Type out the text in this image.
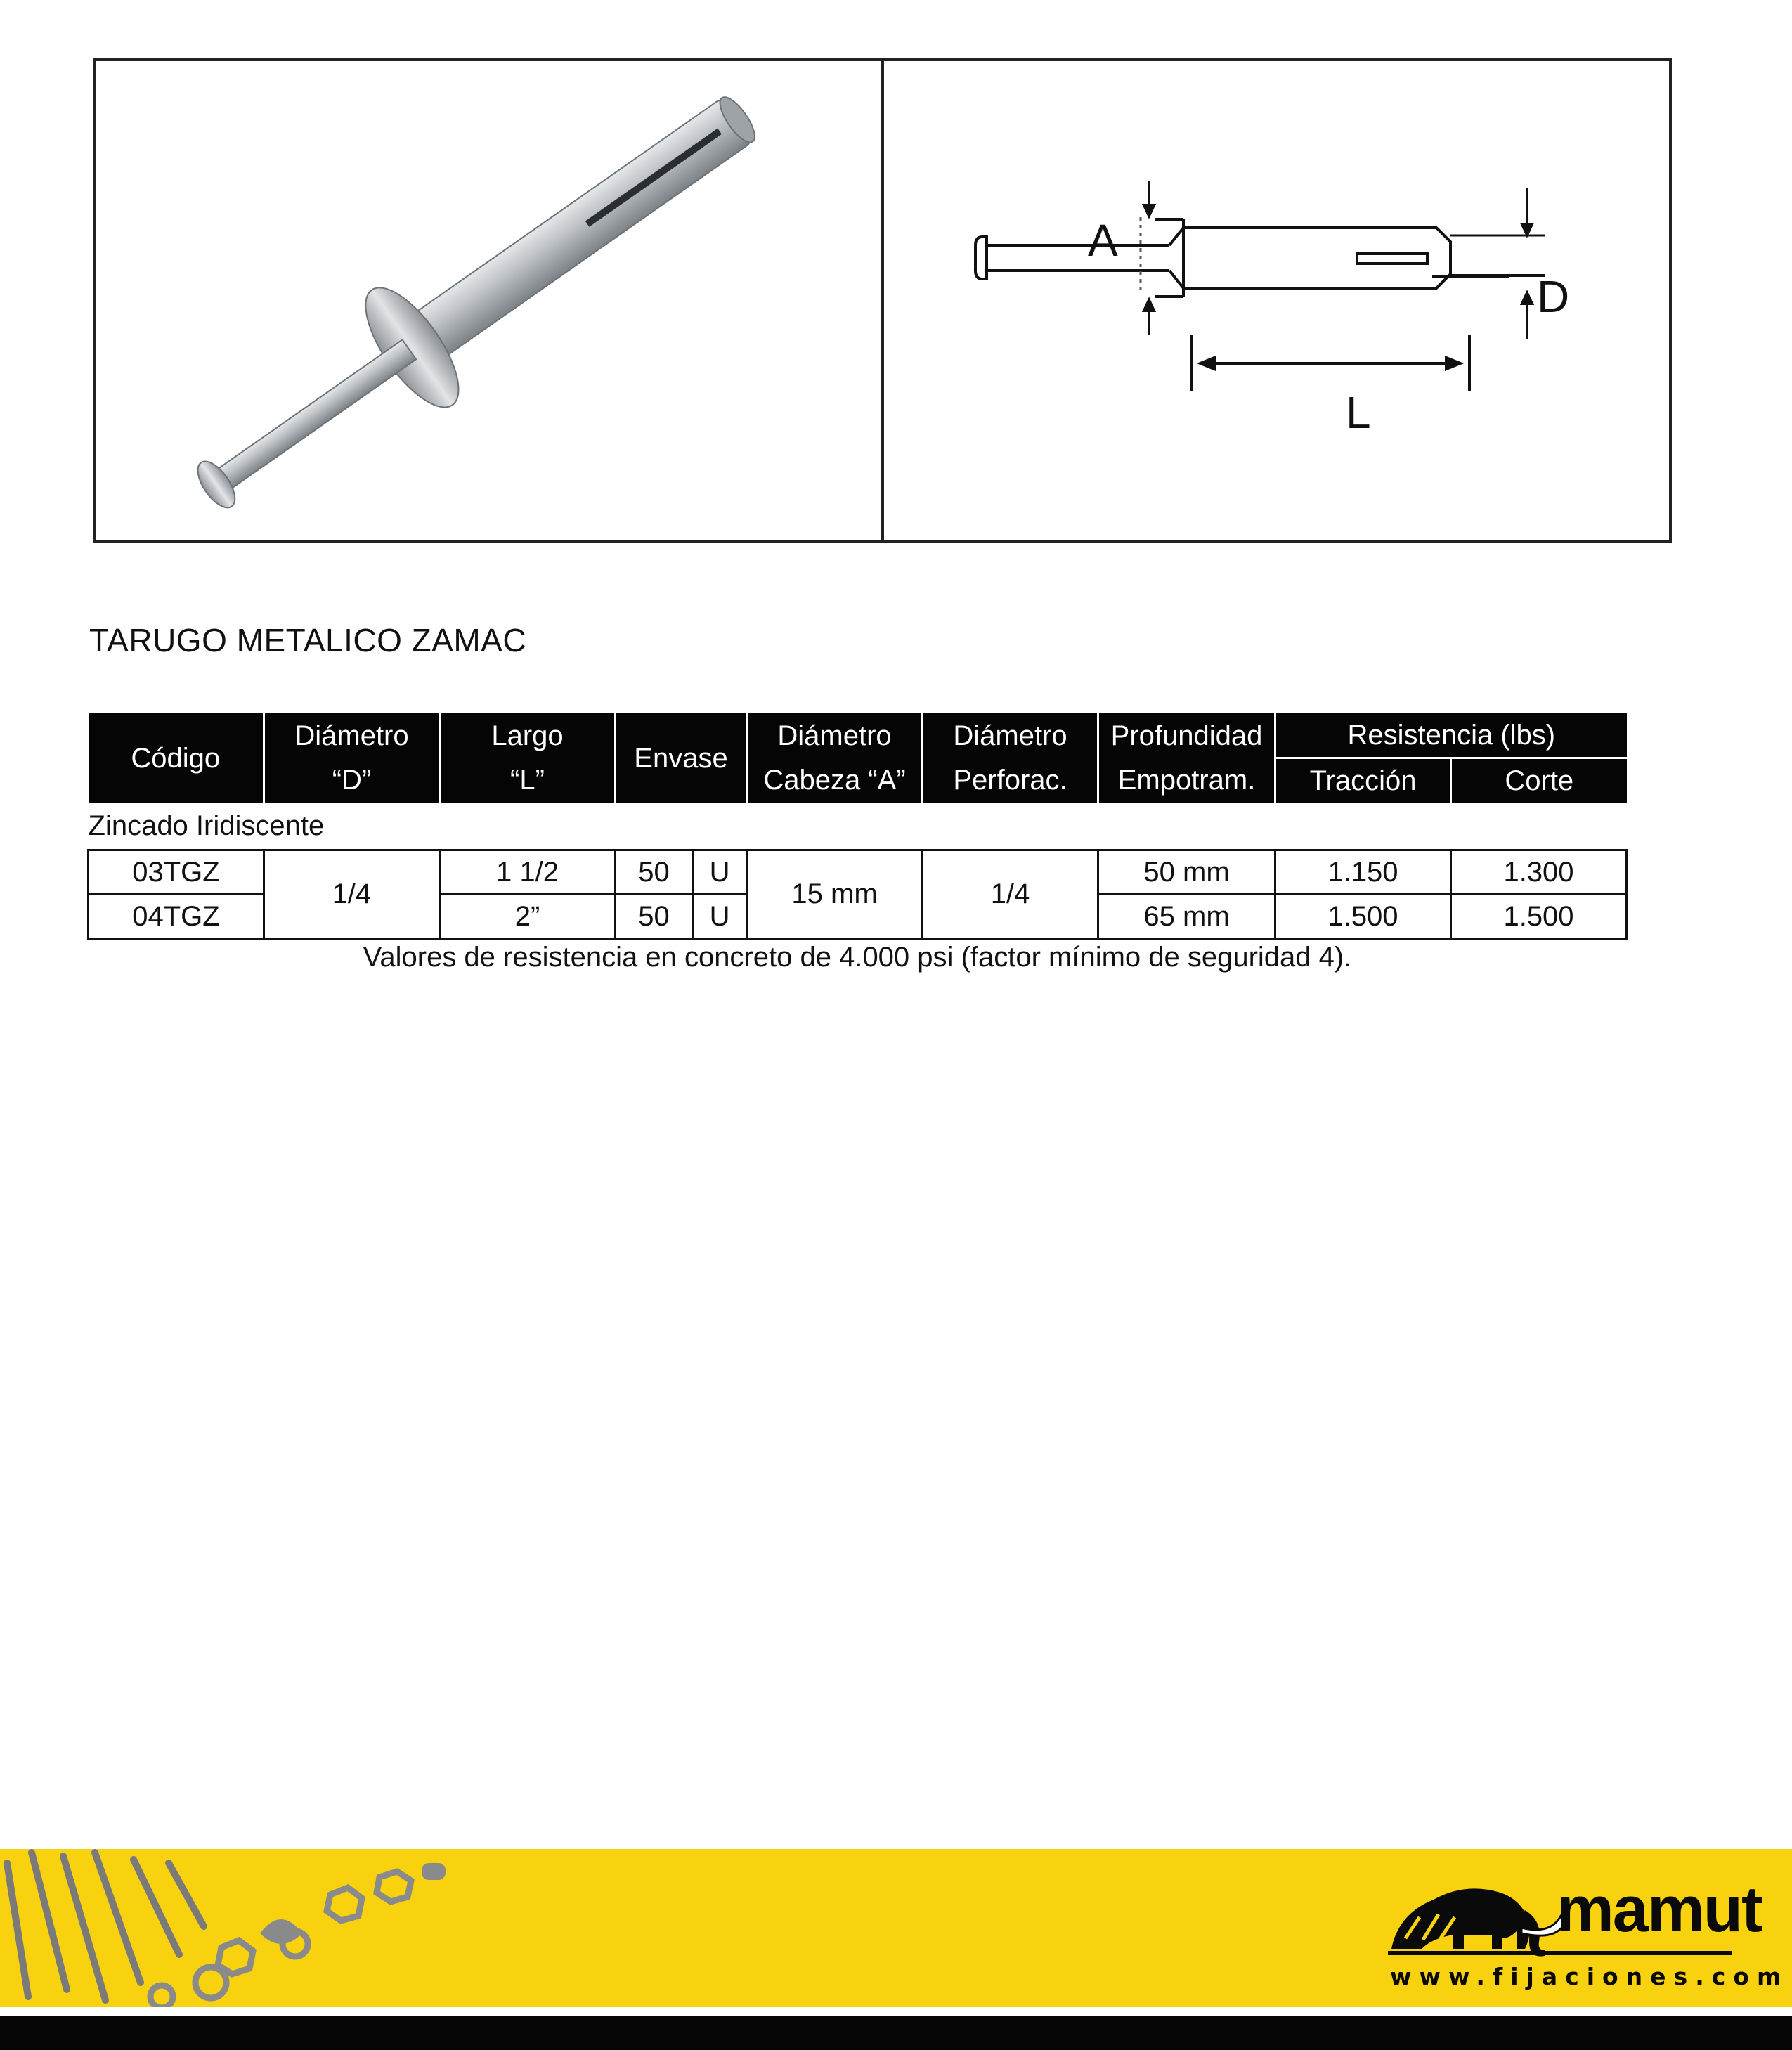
A
D
L
TARUGO METALICO ZAMAC
Código	Diámetro	Largo	Envase		Diámetro	Diámetro	Profundidad	Resistencia (lbs)	
	“D”	“L”			Cabeza “A”	Perforac.	Empotram.	Tracción	Corte
Zincado Iridiscente									
03TGZ	1/4	1 1/2	50	U	15 mm	1/4	50 mm	1.150	1.300
04TGZ		2”	50	U			65 mm	1.500	1.500
Valores de resistencia en concreto de 4.000 psi (factor mínimo de seguridad 4).
mamut
www.fijaciones.com
